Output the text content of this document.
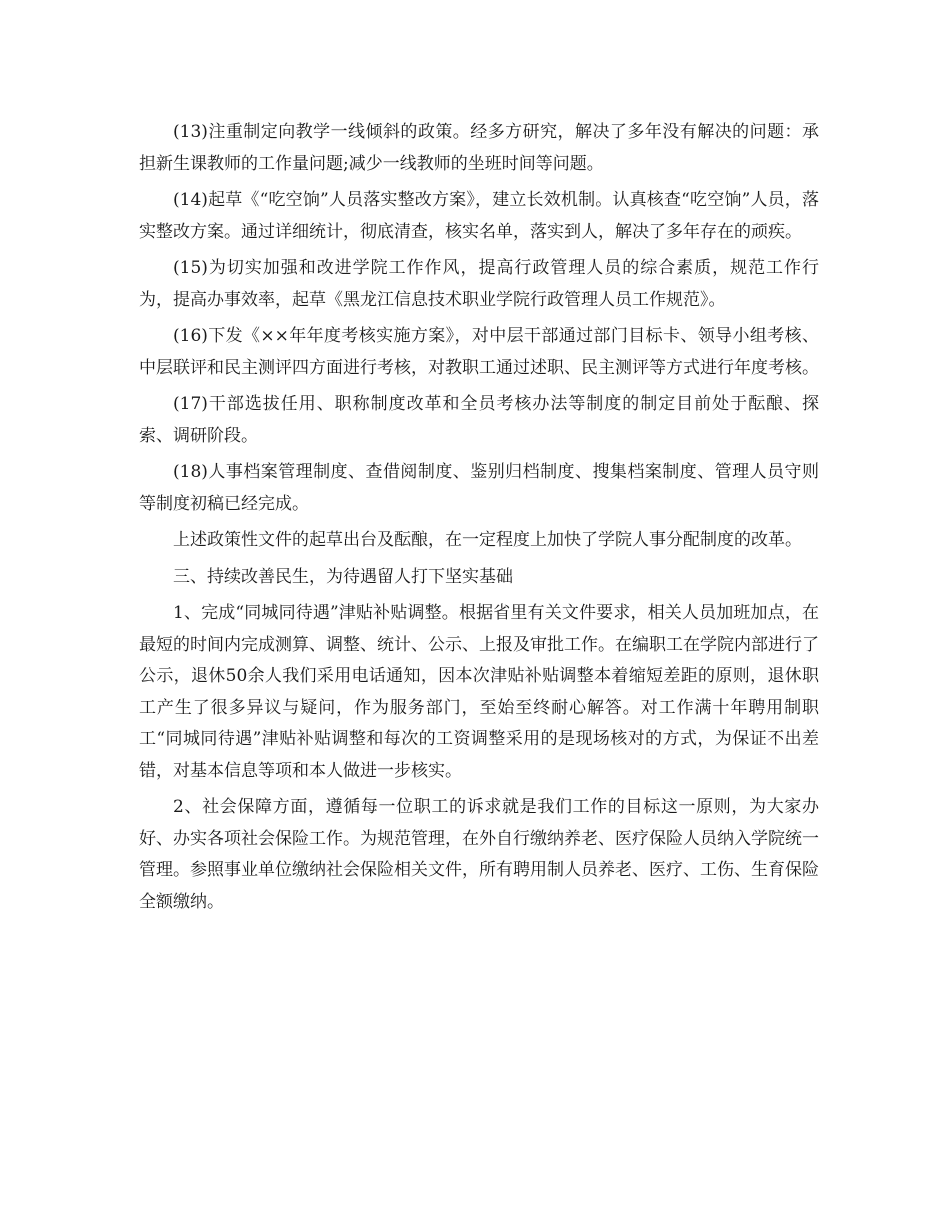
(13)注重制定向教学一线倾斜的政策。经多方研究，解决了多年没有解决的问题：承担新生课教师的工作量问题;减少一线教师的坐班时间等问题。

(14)起草《“吃空饷”人员落实整改方案》，建立长效机制。认真核查“吃空饷”人员，落实整改方案。通过详细统计，彻底清查，核实名单，落实到人，解决了多年存在的顽疾。

(15)为切实加强和改进学院工作作风，提高行政管理人员的综合素质，规范工作行为，提高办事效率，起草《黑龙江信息技术职业学院行政管理人员工作规范》。

(16)下发《××年年度考核实施方案》，对中层干部通过部门目标卡、领导小组考核、中层联评和民主测评四方面进行考核，对教职工通过述职、民主测评等方式进行年度考核。

(17)干部选拔任用、职称制度改革和全员考核办法等制度的制定目前处于酝酿、探索、调研阶段。

(18)人事档案管理制度、查借阅制度、鉴别归档制度、搜集档案制度、管理人员守则等制度初稿已经完成。

上述政策性文件的起草出台及酝酿，在一定程度上加快了学院人事分配制度的改革。

三、持续改善民生，为待遇留人打下坚实基础

1、完成“同城同待遇”津贴补贴调整。根据省里有关文件要求，相关人员加班加点，在最短的时间内完成测算、调整、统计、公示、上报及审批工作。在编职工在学院内部进行了公示，退休50余人我们采用电话通知，因本次津贴补贴调整本着缩短差距的原则，退休职工产生了很多异议与疑问，作为服务部门，至始至终耐心解答。对工作满十年聘用制职工“同城同待遇”津贴补贴调整和每次的工资调整采用的是现场核对的方式，为保证不出差错，对基本信息等项和本人做进一步核实。

2、社会保障方面，遵循每一位职工的诉求就是我们工作的目标这一原则，为大家办好、办实各项社会保险工作。为规范管理，在外自行缴纳养老、医疗保险人员纳入学院统一管理。参照事业单位缴纳社会保险相关文件，所有聘用制人员养老、医疗、工伤、生育保险全额缴纳。
